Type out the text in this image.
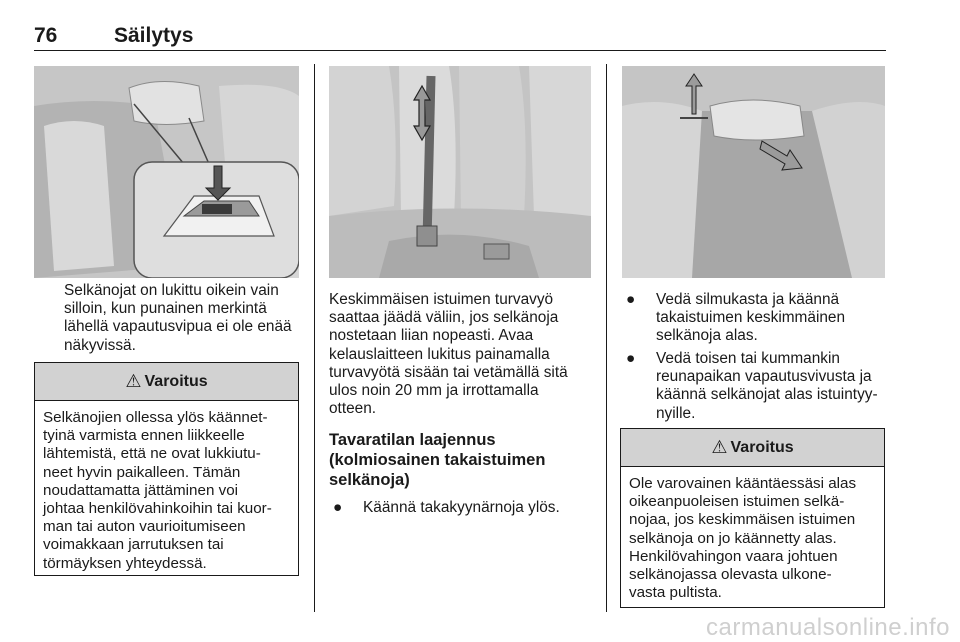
76	Säilytys
Selkänojat on lukittu oikein vain
silloin, kun punainen merkintä
lähellä vapautusvipua ei ole enää
näkyvissä.
⚠ Varoitus
Selkänojien ollessa ylös käännet-
tyinä varmista ennen liikkeelle
lähtemistä, että ne ovat lukkiutu-
neet hyvin paikalleen. Tämän
noudattamatta jättäminen voi
johtaa henkilövahinkoihin tai kuor-
man tai auton vaurioitumiseen
voimakkaan jarrutuksen tai
törmäyksen yhteydessä.
Keskimmäisen istuimen turvavyö
saattaa jäädä väliin, jos selkänoja
nostetaan liian nopeasti. Avaa
kelauslaitteen lukitus painamalla
turvavyötä sisään tai vetämällä sitä
ulos noin 20 mm ja irrottamalla
otteen.
Tavaratilan laajennus
(kolmiosainen takaistuimen
selkänoja)
● Käännä takakyynärnoja ylös.
● Vedä silmukasta ja käännä
takaistuimen keskimmäinen
selkänoja alas.
● Vedä toisen tai kummankin
reunapaikan vapautusvivusta ja
käännä selkänojat alas istuintyy-
nyille.
⚠ Varoitus
Ole varovainen kääntäessäsi alas
oikeanpuoleisen istuimen selkä-
nojaa, jos keskimmäisen istuimen
selkänoja on jo käännetty alas.
Henkilövahingon vaara johtuen
selkänojassa olevasta ulkone-
vasta pultista.
carmanualsonline.info
